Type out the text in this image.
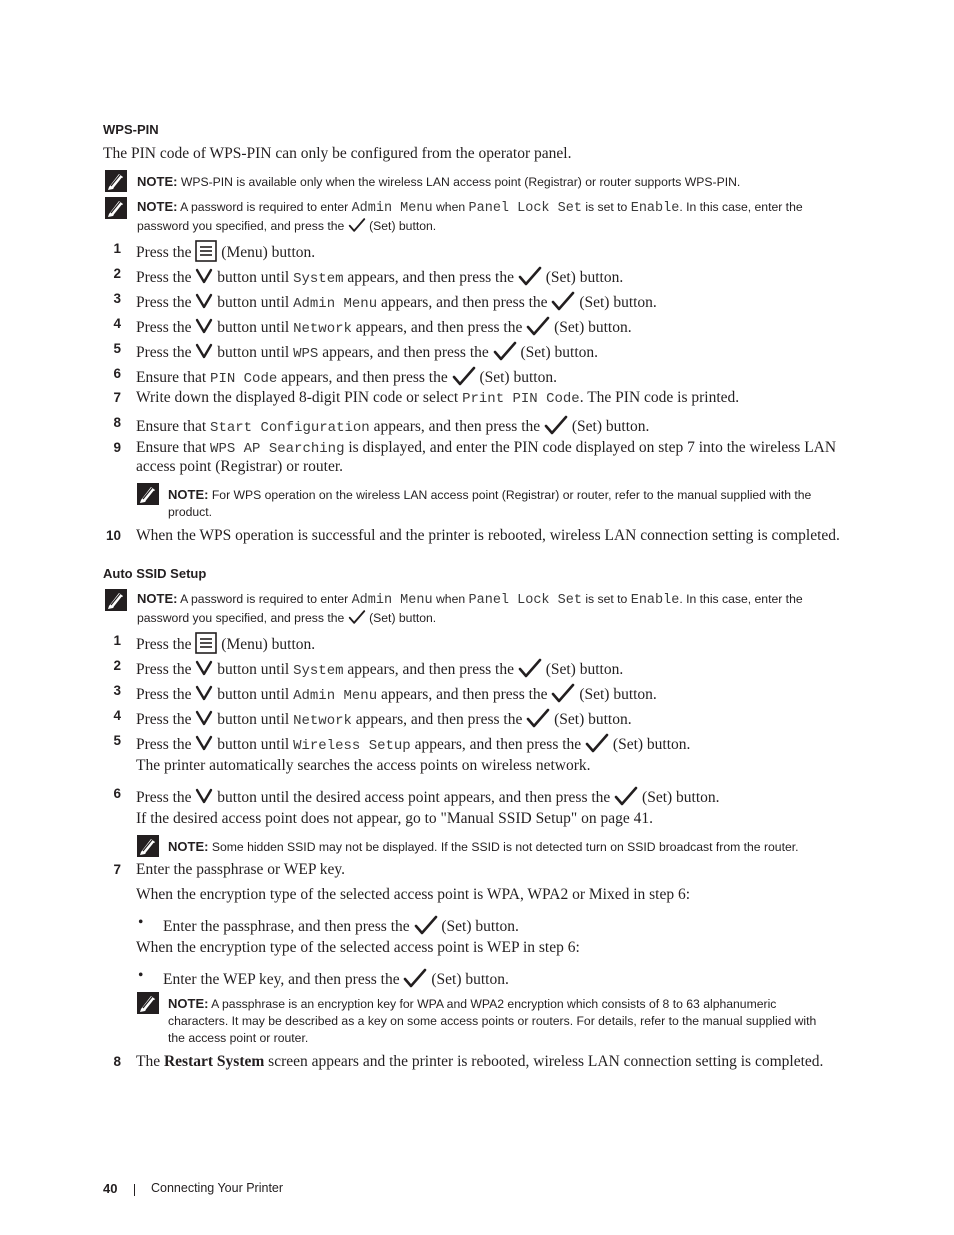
WPS-PIN
The PIN code of WPS-PIN can only be configured from the operator panel.
NOTE: WPS-PIN is available only when the wireless LAN access point (Registrar) or router supports WPS-PIN.
NOTE: A password is required to enter Admin Menu when Panel Lock Set is set to Enable. In this case, enter the
password you specified, and press the (Set) button.
1 Press the (Menu) button.
2 Press the button until System appears, and then press the (Set) button.
3 Press the button until Admin Menu appears, and then press the (Set) button.
4 Press the button until Network appears, and then press the (Set) button.
5 Press the button until WPS appears, and then press the (Set) button.
6 Ensure that PIN Code appears, and then press the (Set) button.
7 Write down the displayed 8-digit PIN code or select Print PIN Code. The PIN code is printed.
8 Ensure that Start Configuration appears, and then press the (Set) button.
9 Ensure that WPS AP Searching is displayed, and enter the PIN code displayed on step 7 into the wireless LAN
access point (Registrar) or router.
NOTE: For WPS operation on the wireless LAN access point (Registrar) or router, refer to the manual supplied with the
product.
10 When the WPS operation is successful and the printer is rebooted, wireless LAN connection setting is completed.
Auto SSID Setup
NOTE: A password is required to enter Admin Menu when Panel Lock Set is set to Enable. In this case, enter the
password you specified, and press the (Set) button.
1 Press the (Menu) button.
2 Press the button until System appears, and then press the (Set) button.
3 Press the button until Admin Menu appears, and then press the (Set) button.
4 Press the button until Network appears, and then press the (Set) button.
5 Press the button until Wireless Setup appears, and then press the (Set) button.
The printer automatically searches the access points on wireless network.
6 Press the button until the desired access point appears, and then press the (Set) button.
If the desired access point does not appear, go to "Manual SSID Setup" on page 41.
NOTE: Some hidden SSID may not be displayed. If the SSID is not detected turn on SSID broadcast from the router.
7 Enter the passphrase or WEP key.
When the encryption type of the selected access point is WPA, WPA2 or Mixed in step 6:
• Enter the passphrase, and then press the (Set) button.
When the encryption type of the selected access point is WEP in step 6:
• Enter the WEP key, and then press the (Set) button.
NOTE: A passphrase is an encryption key for WPA and WPA2 encryption which consists of 8 to 63 alphanumeric
characters. It may be described as a key on some access points or routers. For details, refer to the manual supplied with
the access point or router.
8 The Restart System screen appears and the printer is rebooted, wireless LAN connection setting is completed.
40	Connecting Your Printer
